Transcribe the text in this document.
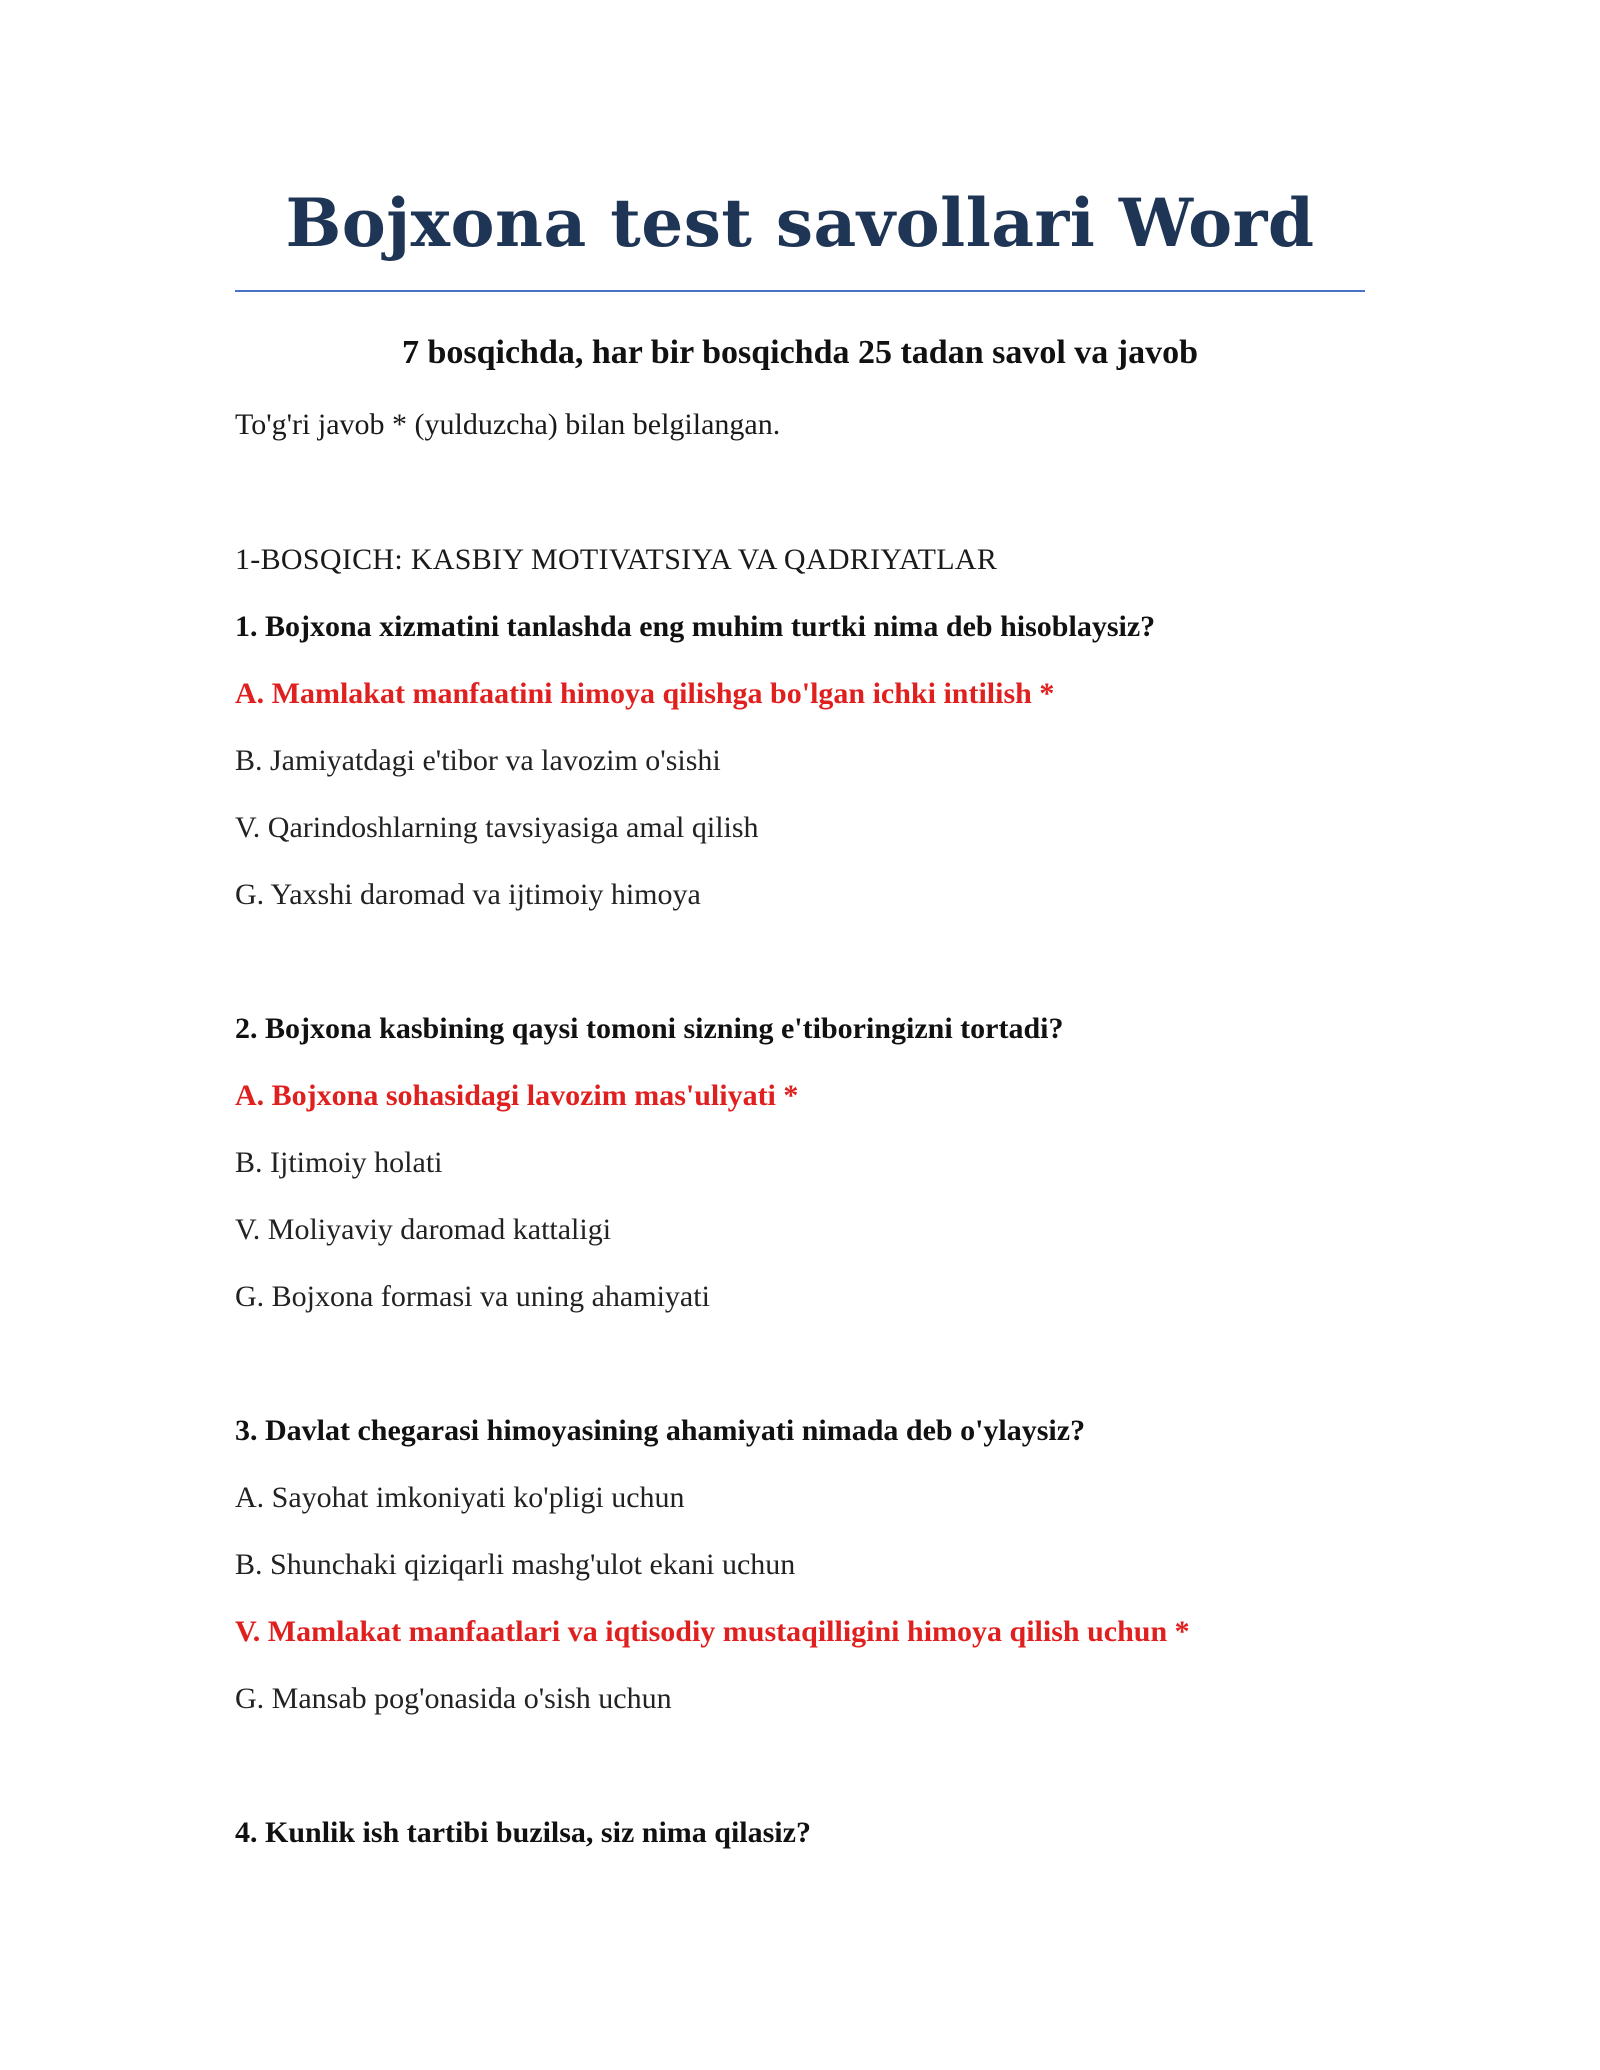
Bojxona test savollari Word
7 bosqichda, har bir bosqichda 25 tadan savol va javob
To'g'ri javob * (yulduzcha) bilan belgilangan.
1-BOSQICH: KASBIY MOTIVATSIYA VA QADRIYATLAR
1. Bojxona xizmatini tanlashda eng muhim turtki nima deb hisoblaysiz?
A. Mamlakat manfaatini himoya qilishga bo'lgan ichki intilish *
B. Jamiyatdagi e'tibor va lavozim o'sishi
V. Qarindoshlarning tavsiyasiga amal qilish
G. Yaxshi daromad va ijtimoiy himoya
2. Bojxona kasbining qaysi tomoni sizning e'tiboringizni tortadi?
A. Bojxona sohasidagi lavozim mas'uliyati *
B. Ijtimoiy holati
V. Moliyaviy daromad kattaligi
G. Bojxona formasi va uning ahamiyati
3. Davlat chegarasi himoyasining ahamiyati nimada deb o'ylaysiz?
A. Sayohat imkoniyati ko'pligi uchun
B. Shunchaki qiziqarli mashg'ulot ekani uchun
V. Mamlakat manfaatlari va iqtisodiy mustaqilligini himoya qilish uchun *
G. Mansab pog'onasida o'sish uchun
4. Kunlik ish tartibi buzilsa, siz nima qilasiz?
